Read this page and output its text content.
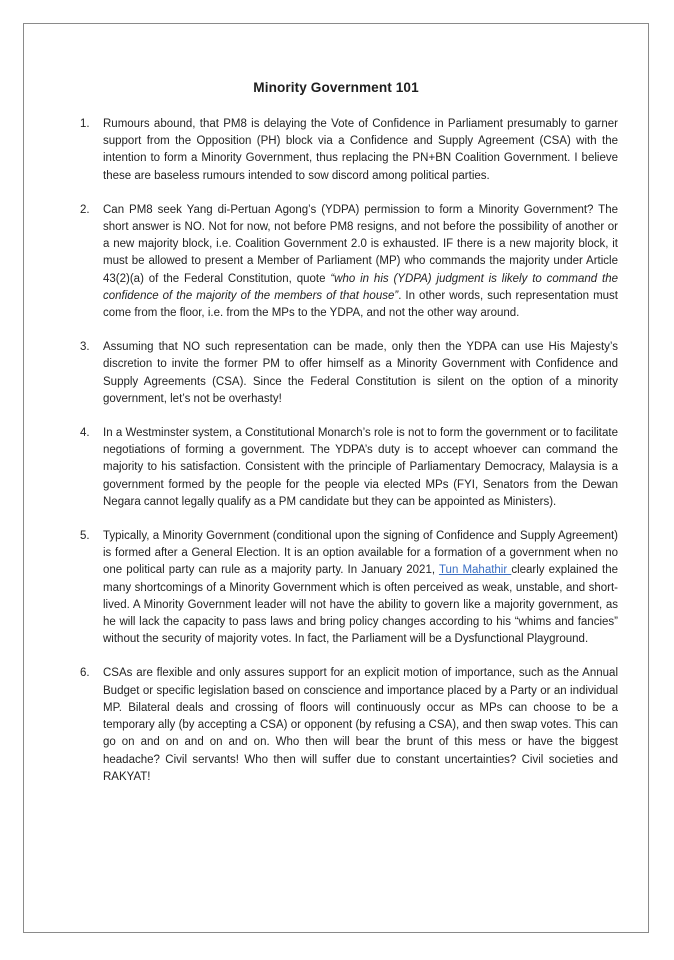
Minority Government 101
1. Rumours abound, that PM8 is delaying the Vote of Confidence in Parliament presumably to garner support from the Opposition (PH) block via a Confidence and Supply Agreement (CSA) with the intention to form a Minority Government, thus replacing the PN+BN Coalition Government. I believe these are baseless rumours intended to sow discord among political parties.
2. Can PM8 seek Yang di-Pertuan Agong’s (YDPA) permission to form a Minority Government? The short answer is NO. Not for now, not before PM8 resigns, and not before the possibility of another or a new majority block, i.e. Coalition Government 2.0 is exhausted. IF there is a new majority block, it must be allowed to present a Member of Parliament (MP) who commands the majority under Article 43(2)(a) of the Federal Constitution, quote “who in his (YDPA) judgment is likely to command the confidence of the majority of the members of that house”. In other words, such representation must come from the floor, i.e. from the MPs to the YDPA, and not the other way around.
3. Assuming that NO such representation can be made, only then the YDPA can use His Majesty’s discretion to invite the former PM to offer himself as a Minority Government with Confidence and Supply Agreements (CSA). Since the Federal Constitution is silent on the option of a minority government, let’s not be overhasty!
4. In a Westminster system, a Constitutional Monarch’s role is not to form the government or to facilitate negotiations of forming a government. The YDPA’s duty is to accept whoever can command the majority to his satisfaction. Consistent with the principle of Parliamentary Democracy, Malaysia is a government formed by the people for the people via elected MPs (FYI, Senators from the Dewan Negara cannot legally qualify as a PM candidate but they can be appointed as Ministers).
5. Typically, a Minority Government (conditional upon the signing of Confidence and Supply Agreement) is formed after a General Election. It is an option available for a formation of a government when no one political party can rule as a majority party. In January 2021, Tun Mahathir clearly explained the many shortcomings of a Minority Government which is often perceived as weak, unstable, and short-lived. A Minority Government leader will not have the ability to govern like a majority government, as he will lack the capacity to pass laws and bring policy changes according to his “whims and fancies” without the security of majority votes. In fact, the Parliament will be a Dysfunctional Playground.
6. CSAs are flexible and only assures support for an explicit motion of importance, such as the Annual Budget or specific legislation based on conscience and importance placed by a Party or an individual MP. Bilateral deals and crossing of floors will continuously occur as MPs can choose to be a temporary ally (by accepting a CSA) or opponent (by refusing a CSA), and then swap votes. This can go on and on and on and on. Who then will bear the brunt of this mess or have the biggest headache? Civil servants! Who then will suffer due to constant uncertainties? Civil societies and RAKYAT!
